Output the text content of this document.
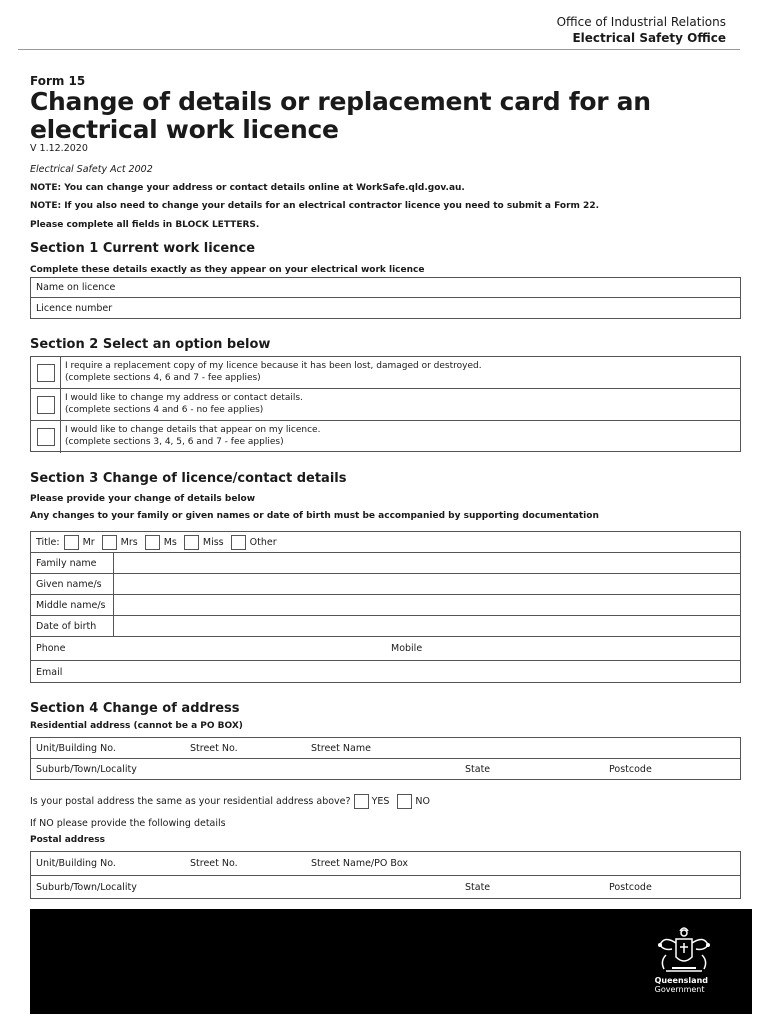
Office of Industrial Relations
Electrical Safety Office
Form 15
Change of details or replacement card for an electrical work licence
V 1.12.2020
Electrical Safety Act 2002
NOTE: You can change your address or contact details online at WorkSafe.qld.gov.au.
NOTE: If you also need to change your details for an electrical contractor licence you need to submit a Form 22.
Please complete all fields in BLOCK LETTERS.
Section 1 Current work licence
Complete these details exactly as they appear on your electrical work licence
Name on licence
Licence number
Section 2 Select an option below
I require a replacement copy of my licence because it has been lost, damaged or destroyed.
(complete sections 4, 6 and 7 - fee applies)
I would like to change my address or contact details.
(complete sections 4 and 6 - no fee applies)
I would like to change details that appear on my licence.
(complete sections 3, 4, 5, 6 and 7 - fee applies)
Section 3 Change of licence/contact details
Please provide your change of details below
Any changes to your family or given names or date of birth must be accompanied by supporting documentation
Title: Mr	Mrs	Ms	Miss	Other
Family name
Given name/s
Middle name/s
Date of birth
Phone	Mobile
Email
Section 4 Change of address
Residential address (cannot be a PO BOX)
Unit/Building No.	Street No.	Street Name
Suburb/Town/Locality	State	Postcode
Is your postal address the same as your residential address above? YES	NO
If NO please provide the following details
Postal address
Unit/Building No.	Street No.	Street Name/PO Box
Suburb/Town/Locality	State	Postcode
Queensland
Government
